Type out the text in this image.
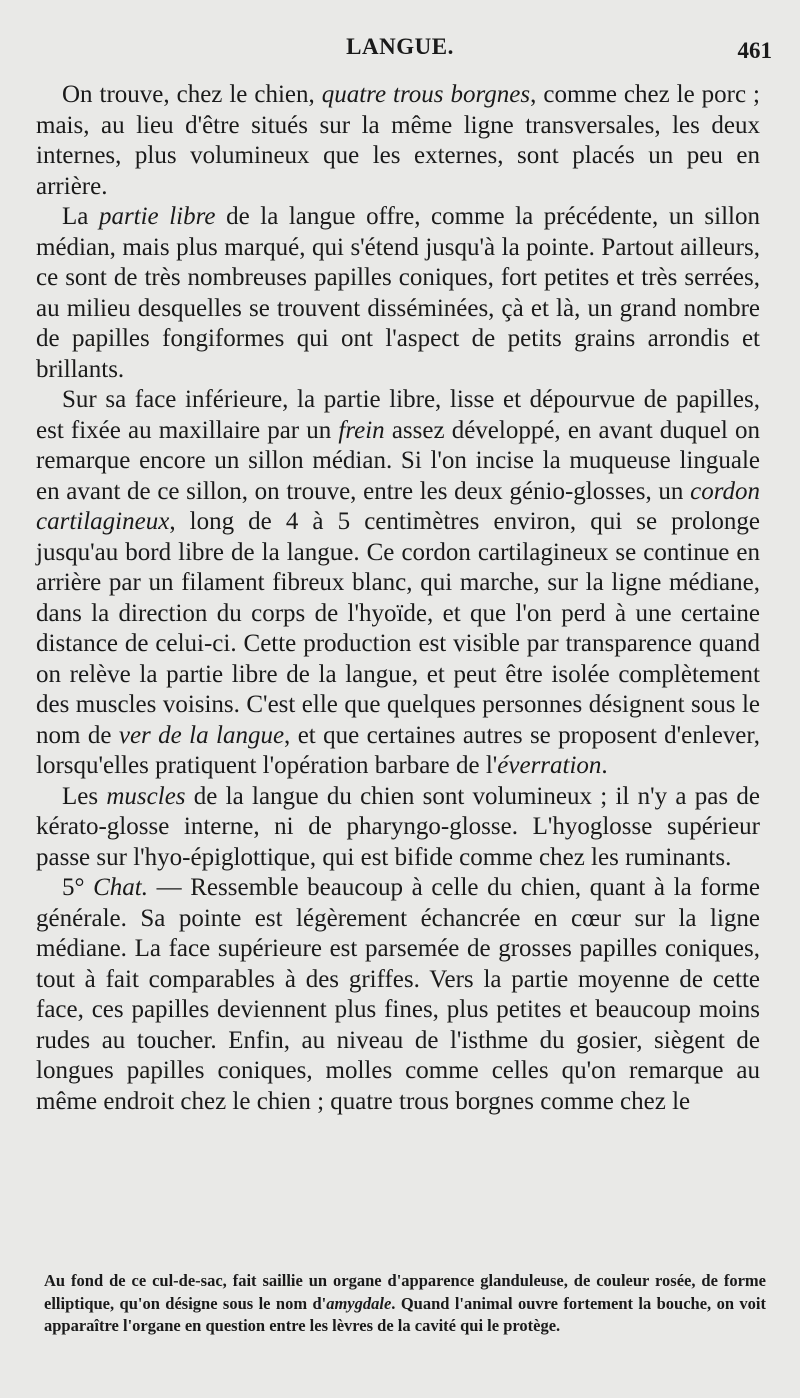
LANGUE.	461

On trouve, chez le chien, quatre trous borgnes, comme chez le porc ; mais, au lieu d'être situés sur la même ligne transversales, les deux internes, plus volumineux que les externes, sont placés un peu en arrière.

La partie libre de la langue offre, comme la précédente, un sillon médian, mais plus marqué, qui s'étend jusqu'à la pointe. Partout ailleurs, ce sont de très nombreuses papilles coniques, fort petites et très serrées, au milieu desquelles se trouvent disséminées, çà et là, un grand nombre de papilles fongiformes qui ont l'aspect de petits grains arrondis et brillants.

Sur sa face inférieure, la partie libre, lisse et dépourvue de papilles, est fixée au maxillaire par un frein assez développé, en avant duquel on remarque encore un sillon médian. Si l'on incise la muqueuse linguale en avant de ce sillon, on trouve, entre les deux génio-glosses, un cordon cartilagineux, long de 4 à 5 centimètres environ, qui se prolonge jusqu'au bord libre de la langue. Ce cordon cartilagineux se continue en arrière par un filament fibreux blanc, qui marche, sur la ligne médiane, dans la direction du corps de l'hyoïde, et que l'on perd à une certaine distance de celui-ci. Cette production est visible par transparence quand on relève la partie libre de la langue, et peut être isolée complètement des muscles voisins. C'est elle que quelques personnes désignent sous le nom de ver de la langue, et que certaines autres se proposent d'enlever, lorsqu'elles pratiquent l'opération barbare de l'éverration.

Les muscles de la langue du chien sont volumineux ; il n'y a pas de kérato-glosse interne, ni de pharyngo-glosse. L'hyoglosse supérieur passe sur l'hyo-épiglottique, qui est bifide comme chez les ruminants.

5° Chat. — Ressemble beaucoup à celle du chien, quant à la forme générale. Sa pointe est légèrement échancrée en cœur sur la ligne médiane. La face supérieure est parsemée de grosses papilles coniques, tout à fait comparables à des griffes. Vers la partie moyenne de cette face, ces papilles deviennent plus fines, plus petites et beaucoup moins rudes au toucher. Enfin, au niveau de l'isthme du gosier, siègent de longues papilles coniques, molles comme celles qu'on remarque au même endroit chez le chien ; quatre trous borgnes comme chez le

Au fond de ce cul-de-sac, fait saillie un organe d'apparence glanduleuse, de couleur rosée, de forme elliptique, qu'on désigne sous le nom d'amygdale. Quand l'animal ouvre fortement la bouche, on voit apparaître l'organe en question entre les lèvres de la cavité qui le protège.
